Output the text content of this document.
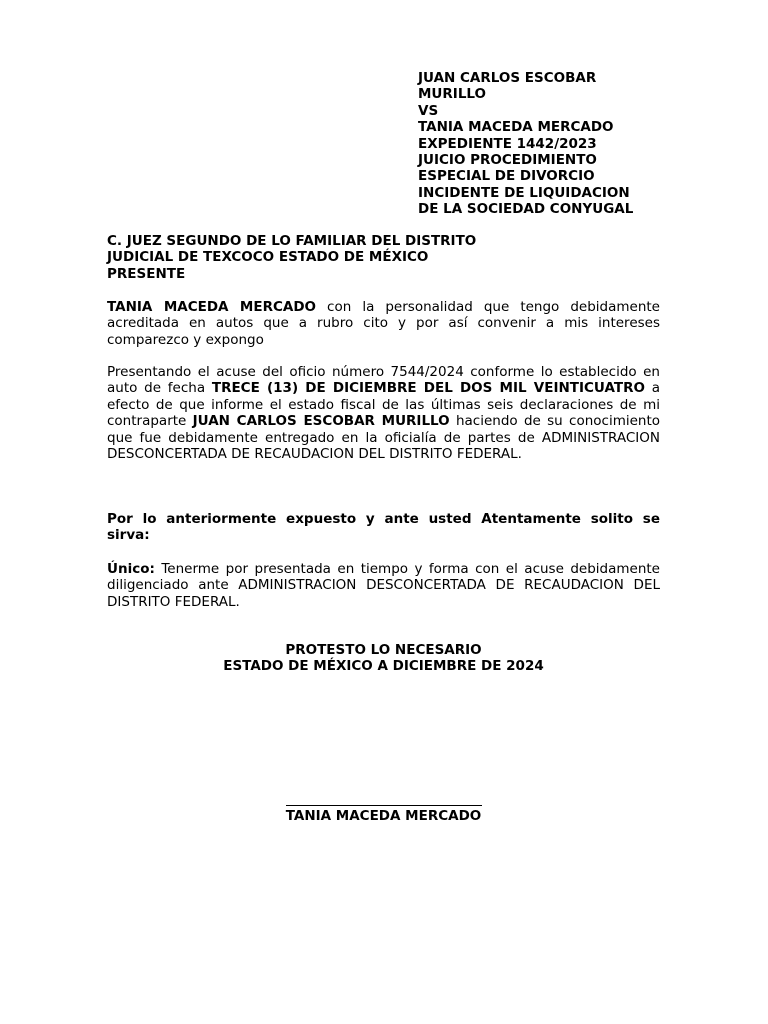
JUAN CARLOS ESCOBAR
MURILLO
VS
TANIA MACEDA MERCADO
EXPEDIENTE 1442/2023
JUICIO PROCEDIMIENTO
ESPECIAL DE DIVORCIO
INCIDENTE DE LIQUIDACION
DE LA SOCIEDAD CONYUGAL
C. JUEZ SEGUNDO DE LO FAMILIAR DEL DISTRITO
JUDICIAL DE TEXCOCO ESTADO DE MÉXICO
PRESENTE
TANIA MACEDA MERCADO con la personalidad que tengo debidamente acreditada en autos que a rubro cito y por así convenir a mis intereses comparezco y expongo
Presentando el acuse del oficio número 7544/2024 conforme lo establecido en auto de fecha TRECE (13) DE DICIEMBRE DEL DOS MIL VEINTICUATRO a efecto de que informe el estado fiscal de las últimas seis declaraciones de mi contraparte JUAN CARLOS ESCOBAR MURILLO haciendo de su conocimiento que fue debidamente entregado en la oficialía de partes de ADMINISTRACION DESCONCERTADA DE RECAUDACION DEL DISTRITO FEDERAL.
Por lo anteriormente expuesto y ante usted Atentamente solito se sirva:
Único: Tenerme por presentada en tiempo y forma con el acuse debidamente diligenciado ante ADMINISTRACION DESCONCERTADA DE RECAUDACION DEL DISTRITO FEDERAL.
PROTESTO LO NECESARIO
ESTADO DE MÉXICO A DICIEMBRE DE 2024
TANIA MACEDA MERCADO
